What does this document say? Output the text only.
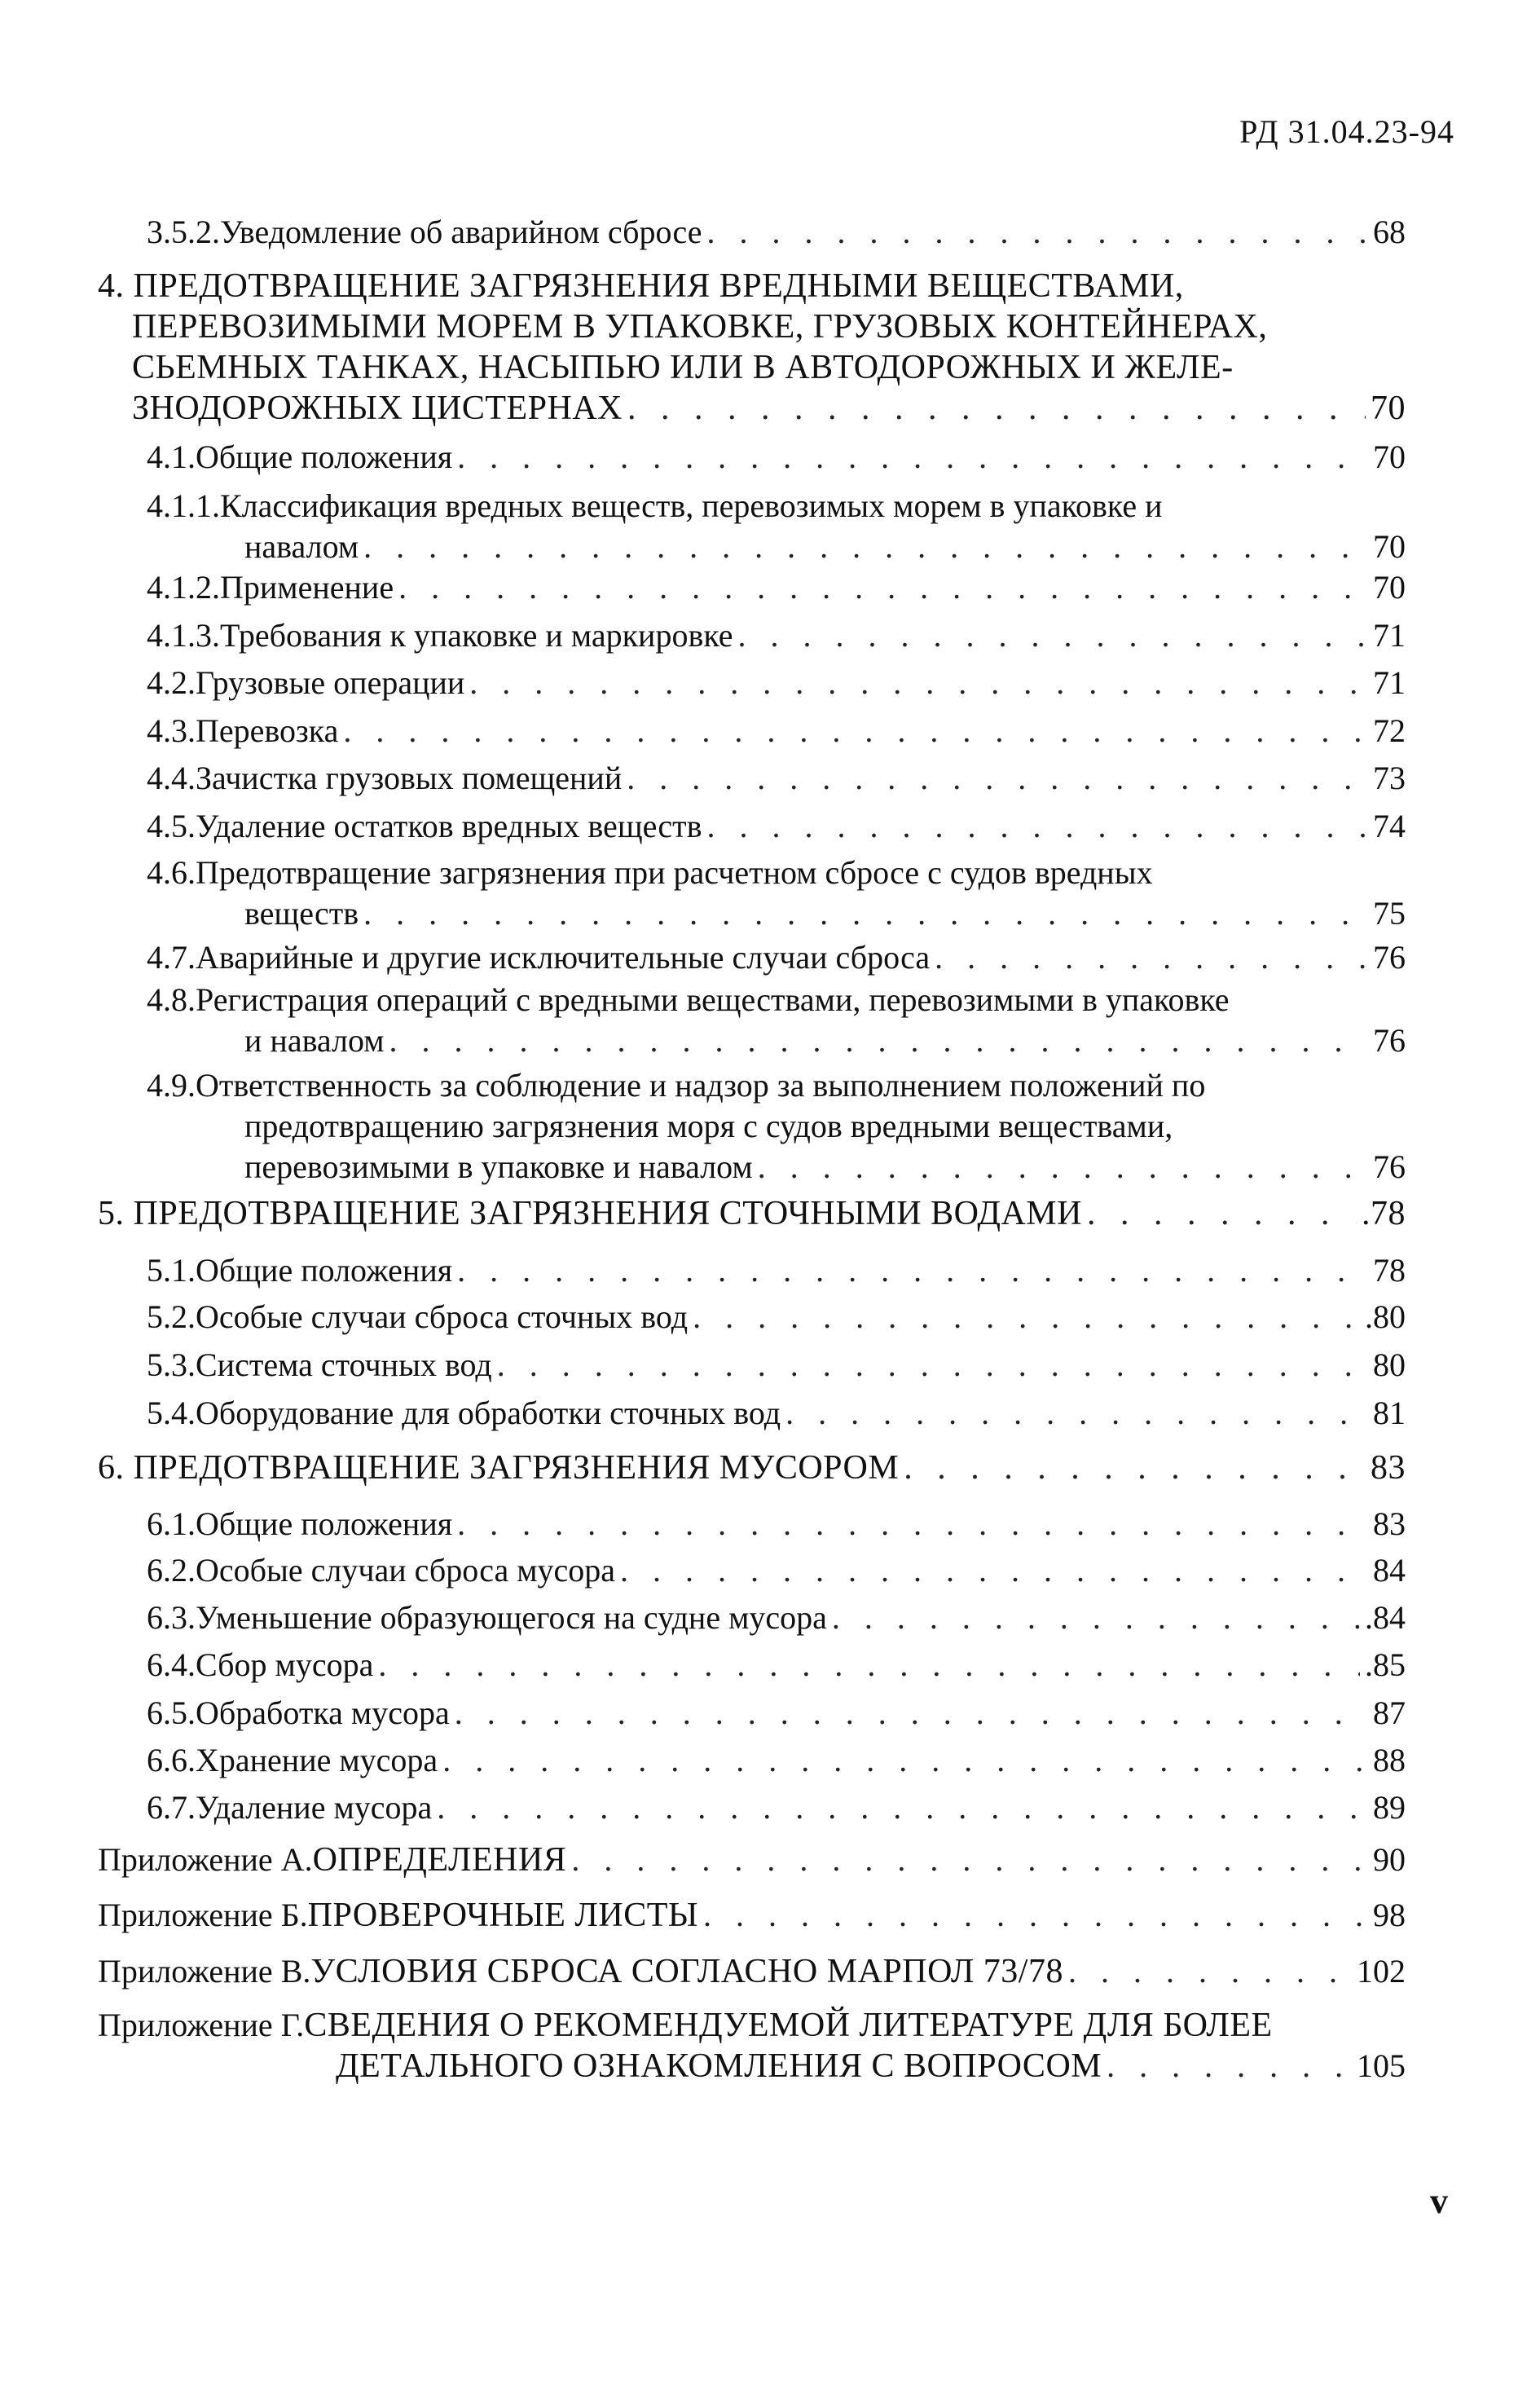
РД 31.04.23-94
3.5.2.Уведомление об аварийном сбросе . . .	68
4. ПРЕДОТВРАЩЕНИЕ ЗАГРЯЗНЕНИЯ ВРЕДНЫМИ ВЕЩЕСТВАМИ,
ПЕРЕВОЗИМЫМИ МОРЕМ В УПАКОВКЕ, ГРУЗОВЫХ КОНТЕЙНЕРАХ,
СЬЕМНЫХ ТАНКАХ, НАСЫПЬЮ ИЛИ В АВТОДОРОЖНЫХ И ЖЕЛЕ-
ЗНОДОРОЖНЫХ ЦИСТЕРНАХ . . .	70
4.1.Общие положения . . .	70
4.1.1.Классификация вредных веществ, перевозимых морем в упаковке и
навалом . . .	70
4.1.2.Применение . . .	70
4.1.3.Требования к упаковке и маркировке . . .	71
4.2.Грузовые операции . . .	71
4.3.Перевозка . . .	72
4.4.Зачистка грузовых помещений . . .	73
4.5.Удаление остатков вредных веществ . . .	74
4.6.Предотвращение загрязнения при расчетном сбросе с судов вредных
веществ . . .	75
4.7.Аварийные и другие исключительные случаи сброса . . .	76
4.8.Регистрация операций с вредными веществами, перевозимыми в упаковке
и навалом . . .	76
4.9.Ответственность за соблюдение и надзор за выполнением положений по
предотвращению загрязнения моря с судов вредными веществами,
перевозимыми в упаковке и навалом . . .	76
5. ПРЕДОТВРАЩЕНИЕ ЗАГРЯЗНЕНИЯ СТОЧНЫМИ ВОДАМИ . . .	.78
5.1.Общие положения . . .	78
5.2.Особые случаи сброса сточных вод . . .	.80
5.3.Система сточных вод . . .	80
5.4.Оборудование для обработки сточных вод . . .	81
6. ПРЕДОТВРАЩЕНИЕ ЗАГРЯЗНЕНИЯ МУСОРОМ . . .	83
6.1.Общие положения . . .	83
6.2.Особые случаи сброса мусора . . .	84
6.3.Уменьшение образующегося на судне мусора . . .	.84
6.4.Сбор мусора . . .	.85
6.5.Обработка мусора . . .	87
6.6.Хранение мусора . . .	88
6.7.Удаление мусора . . .	89
Приложение А.ОПРЕДЕЛЕНИЯ . . .	90
Приложение Б.ПРОВЕРОЧНЫЕ ЛИСТЫ . . .	98
Приложение В.УСЛОВИЯ СБРОСА СОГЛАСНО МАРПОЛ 73/78 . . .	102
Приложение Г.СВЕДЕНИЯ О РЕКОМЕНДУЕМОЙ ЛИТЕРАТУРЕ ДЛЯ БОЛЕЕ
ДЕТАЛЬНОГО ОЗНАКОМЛЕНИЯ С ВОПРОСОМ . . .	105
v
